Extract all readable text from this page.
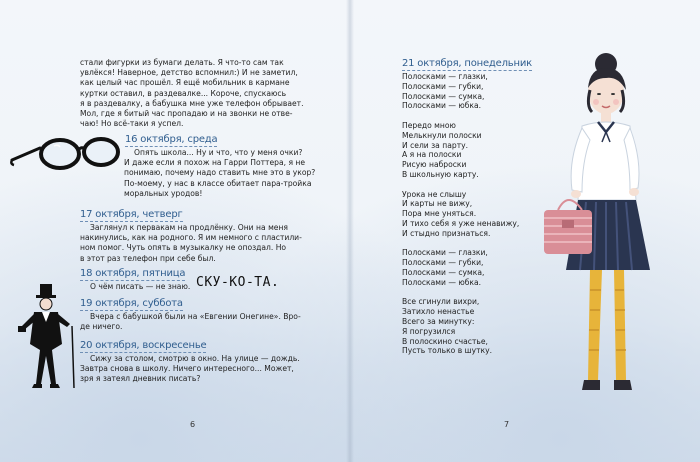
стали фигурки из бумаги делать. Я что-то сам так
увлёкся! Наверное, детство вспомнил:) И не заметил,
как целый час прошёл. Я ещё мобильник в кармане
куртки оставил, в раздевалке... Короче, спускаюсь
я в раздевалку, а бабушка мне уже телефон обрывает.
Мол, где я битый час пропадаю и на звонки не отве-
чаю! Но всё-таки я успел.
16 октября, среда
Опять школа... Ну и что, что у меня очки?
И даже если я похож на Гарри Поттера, я не
понимаю, почему надо ставить мне это в укор?
По-моему, у нас в классе обитает пара-тройка
моральных уродов!
17 октября, четверг
Заглянул к первакам на продлёнку. Они на меня
накинулись, как на родного. Я им немного с пластили-
ном помог. Чуть опять в музыкалку не опоздал. Но
в этот раз телефон при себе был.
18 октября, пятница
О чём писать — не знаю. СКУ-КО-ТА.
19 октября, суббота
Вчера с бабушкой были на «Евгении Онегине». Вро-
де ничего.
20 октября, воскресенье
Сижу за столом, смотрю в окно. На улице — дождь.
Завтра снова в школу. Ничего интересного... Может,
зря я затеял дневник писать?
6
21 октября, понедельник
Полосками — глазки,
Полосками — губки,
Полосками — сумка,
Полосками — юбка.
Передо мною
Мелькнули полоски
И сели за парту.
А я на полоски
Рисую наброски
В школьную карту.
Урока не слышу
И карты не вижу,
Пора мне уняться.
И тихо себя я уже ненавижу,
И стыдно признаться.
Полосками — глазки,
Полосками — губки,
Полосками — сумка,
Полосками — юбка.
Все сгинули вихри,
Затихло ненастье
Всего за минутку:
Я погрузился
В полоскино счастье,
Пусть только в шутку.
7
